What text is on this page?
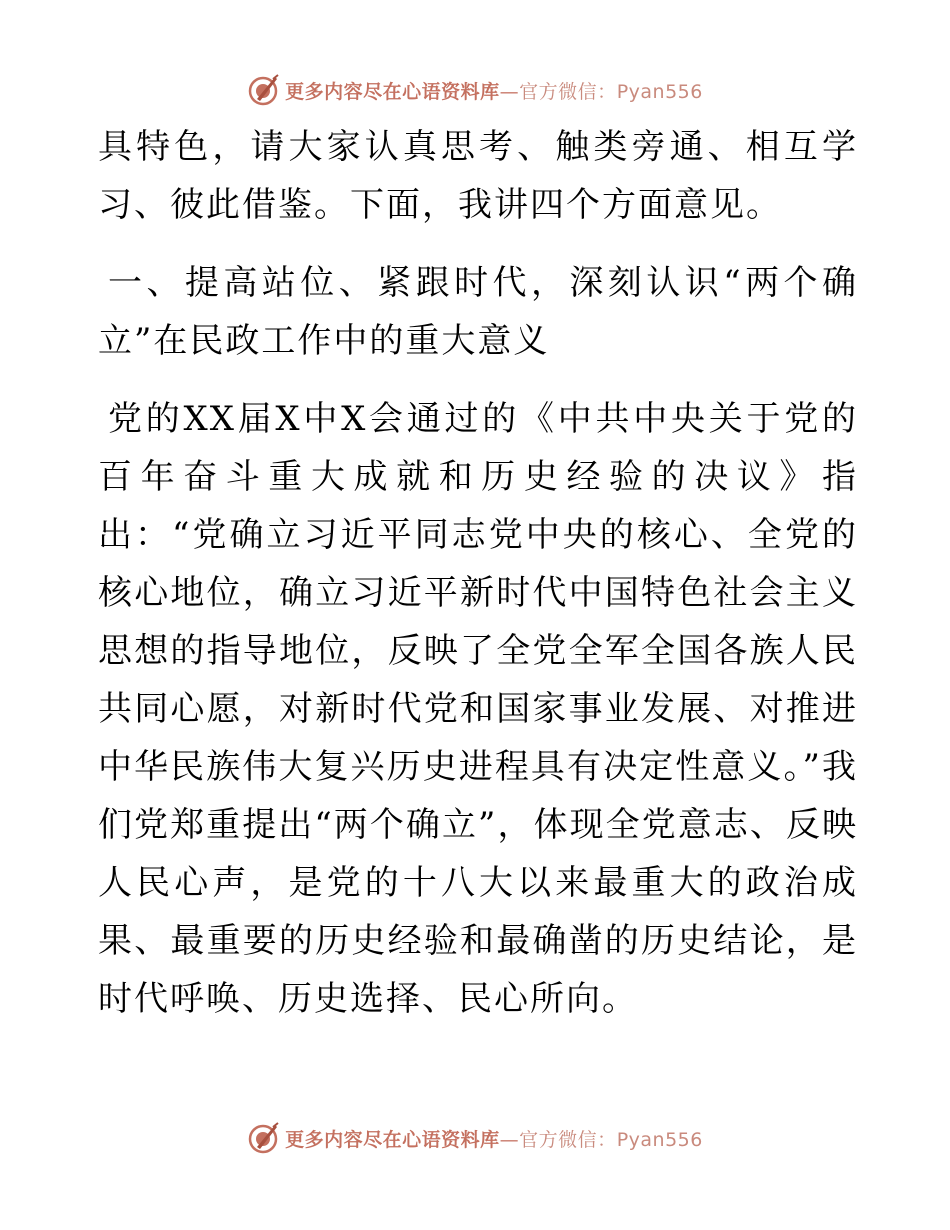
更多内容尽在心语资料库—官方微信：Pyan556

具特色，请大家认真思考、触类旁通、相互学习、彼此借鉴。下面，我讲四个方面意见。

一、提高站位、紧跟时代，深刻认识“两个确立”在民政工作中的重大意义

党的XX届X中X会通过的《中共中央关于党的百年奋斗重大成就和历史经验的决议》指出：“党确立习近平同志党中央的核心、全党的核心地位，确立习近平新时代中国特色社会主义思想的指导地位，反映了全党全军全国各族人民共同心愿，对新时代党和国家事业发展、对推进中华民族伟大复兴历史进程具有决定性意义。”我们党郑重提出“两个确立”，体现全党意志、反映人民心声，是党的十八大以来最重大的政治成果、最重要的历史经验和最确凿的历史结论，是时代呼唤、历史选择、民心所向。

更多内容尽在心语资料库—官方微信：Pyan556
